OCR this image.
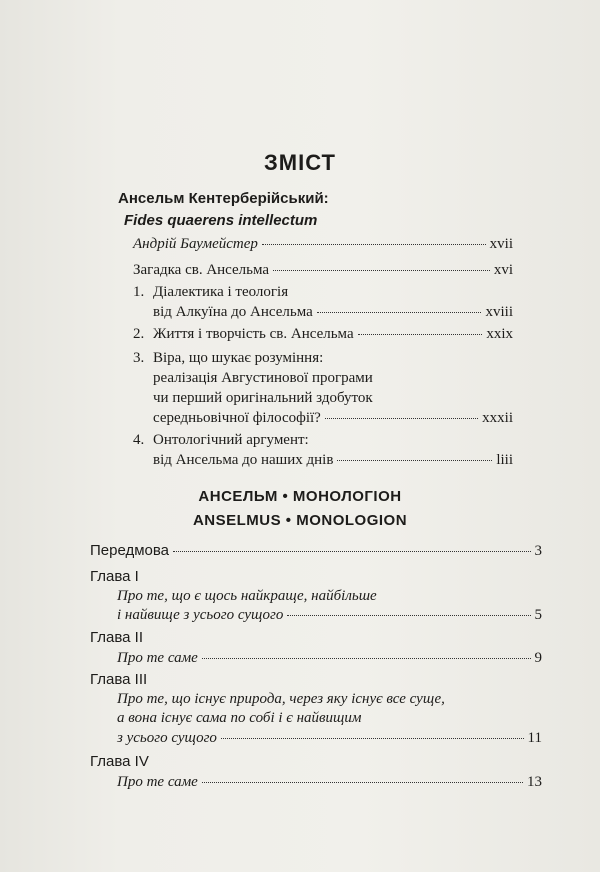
ЗМІСТ
Ансельм Кентерберійський:
Fides quaerens intellectum
Андрій Баумейстер	xvii
Загадка св. Ансельма	xvi
1. Діалектика і теологія
від Алкуїна до Ансельма	xviii
2. Життя і творчість св. Ансельма	xxix
3. Віра, що шукає розуміння:
реалізація Августинової програми
чи перший оригінальний здобуток
середньовічної філософії?	xxxii
4. Онтологічний аргумент:
від Ансельма до наших днів	liii
АНСЕЛЬМ • МОНОЛОГІОН
ANSELMUS • MONOLOGION
Передмова	3
Глава I
Про те, що є щось найкраще, найбільше
і найвище з усього сущого	5
Глава II
Про те саме	9
Глава III
Про те, що існує природа, через яку існує все суще,
а вона існує сама по собі і є найвищим
з усього сущого	11
Глава IV
Про те саме	13
